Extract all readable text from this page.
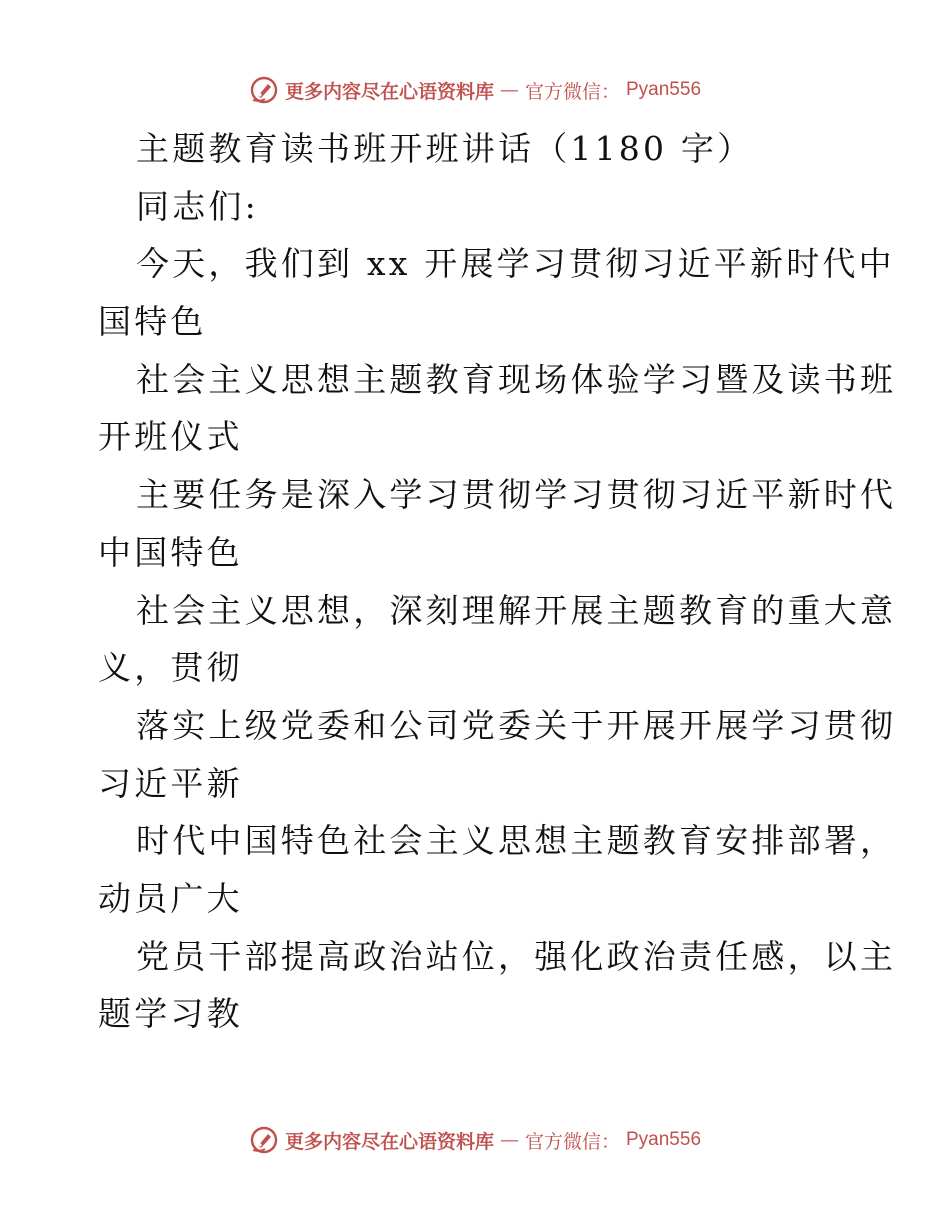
更多内容尽在心语资料库 — 官方微信： Pyan556

主题教育读书班开班讲话（1180 字）

同志们:

今天，我们到 xx 开展学习贯彻习近平新时代中

国特色

社会主义思想主题教育现场体验学习暨及读书班

开班仪式

主要任务是深入学习贯彻学习贯彻习近平新时代

中国特色

社会主义思想，深刻理解开展主题教育的重大意

义，贯彻

落实上级党委和公司党委关于开展开展学习贯彻

习近平新

时代中国特色社会主义思想主题教育安排部署，

动员广大

党员干部提高政治站位，强化政治责任感，以主

题学习教

更多内容尽在心语资料库 — 官方微信： Pyan556
